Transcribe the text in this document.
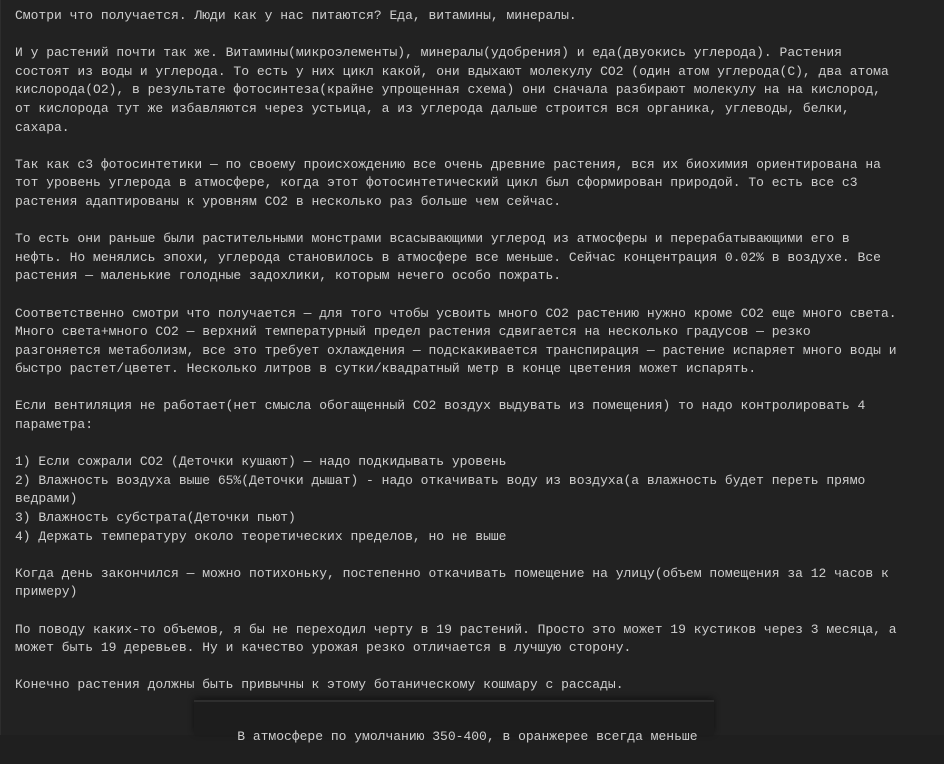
Смотри что получается. Люди как у нас питаются? Еда, витамины, минералы.

И у растений почти так же. Витамины(микроэлементы), минералы(удобрения) и еда(двуокись углерода). Растения
состоят из воды и углерода. То есть у них цикл какой, они вдыхают молекулу CO2 (один атом углерода(C), два атома
кислорода(O2), в результате фотосинтеза(крайне упрощенная схема) они сначала разбирают молекулу на на кислород,
от кислорода тут же избавляются через устьица, а из углерода дальше строится вся органика, углеводы, белки,
сахара.

Так как с3 фотосинтетики — по своему происхождению все очень древние растения, вся их биохимия ориентирована на
тот уровень углерода в атмосфере, когда этот фотосинтетический цикл был сформирован природой. То есть все с3
растения адаптированы к уровням CO2 в несколько раз больше чем сейчас.

То есть они раньше были растительными монстрами всасывающими углерод из атмосферы и перерабатывающими его в
нефть. Но менялись эпохи, углерода становилось в атмосфере все меньше. Сейчас концентрация 0.02% в воздухе. Все
растения — маленькие голодные задохлики, которым нечего особо пожрать.

Соответственно смотри что получается — для того чтобы усвоить много CO2 растению нужно кроме CO2 еще много света.
Много света+много CO2 — верхний температурный предел растения сдвигается на несколько градусов — резко
разгоняется метаболизм, все это требует охлаждения — подскакивается транспирация — растение испаряет много воды и
быстро растет/цветет. Несколько литров в сутки/квадратный метр в конце цветения может испарять.

Если вентиляция не работает(нет смысла обогащенный CO2 воздух выдувать из помещения) то надо контролировать 4
параметра:

1) Если сожрали CO2 (Деточки кушают) — надо подкидывать уровень
2) Влажность воздуха выше 65%(Деточки дышат) - надо откачивать воду из воздуха(а влажность будет переть прямо
ведрами)
3) Влажность субстрата(Деточки пьют)
4) Держать температуру около теоретических пределов, но не выше

Когда день закончился — можно потихоньку, постепенно откачивать помещение на улицу(объем помещения за 12 часов к
примеру)

По поводу каких-то объемов, я бы не переходил черту в 19 растений. Просто это может 19 кустиков через 3 месяца, а
может быть 19 деревьев. Ну и качество урожая резко отличается в лучшую сторону.

Конечно растения должны быть привычны к этому ботаническому кошмару с рассады.

В атмосфере по умолчанию 350-400, в оранжерее всегда меньше
